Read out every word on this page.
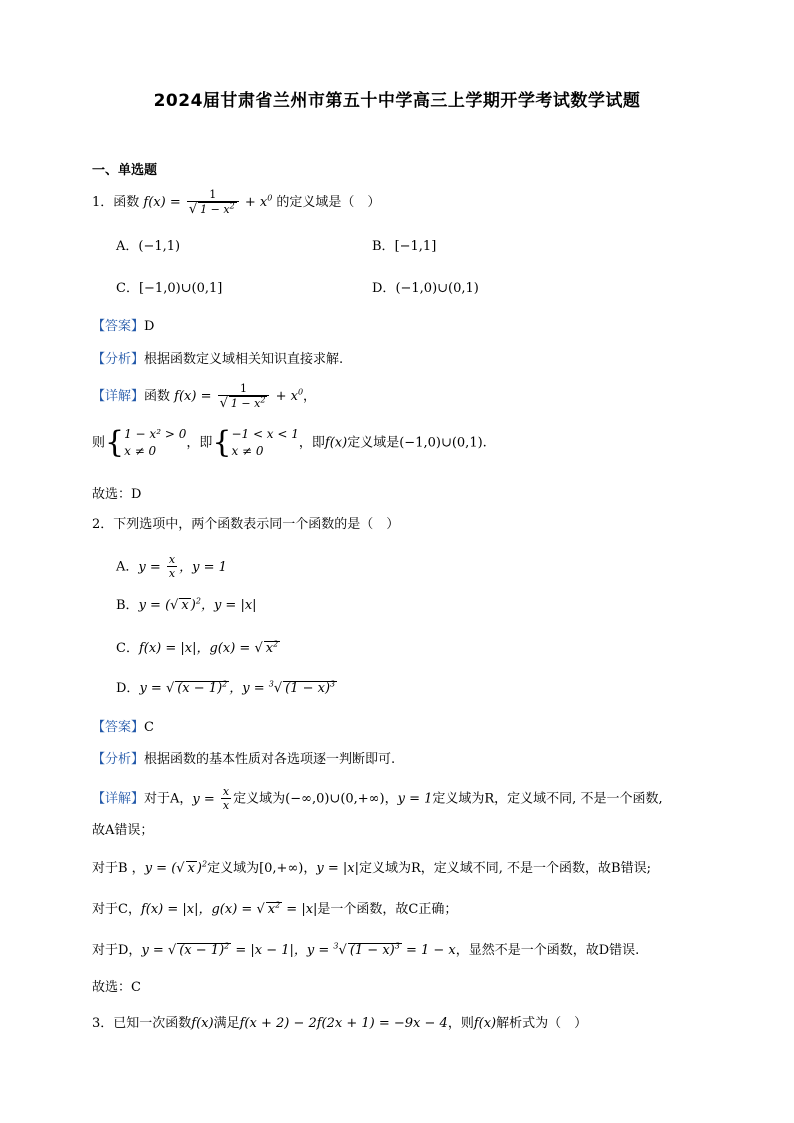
2024届甘肃省兰州市第五十中学高三上学期开学考试数学试题
一、单选题
1．函数 $f(x) = \frac{1}{√ 1 - x^2} + x^0$ 的定义域是（　）
A．(−1,1)	B．[−1,1]
C．[−1,0)∪(0,1]	D．(−1,0)∪(0,1)
【答案】D
【分析】根据函数定义域相关知识直接求解.
【详解】函数 $f(x) = \frac{1}{√ 1 - x^2} + x^0$，
则{1 − x² > 0
x ≠ 0，即{−1 < x < 1
x ≠ 0，即f(x)定义域是(−1,0)∪(0,1).
故选：D
2．下列选项中，两个函数表示同一个函数的是（　）
A．$y = \frac{x}{x}$ ，y = 1
B．y = (√ x )$^2$，y = |x|
C．f(x) = |x|，g(x) = √ $x^2$
D．y = √ $(x - 1)^2$ ，y = $^3$√ $(1 - x)^3$
【答案】C
【分析】根据函数的基本性质对各选项逐一判断即可.
【详解】对于A，$y = \frac{x}{x}$ 定义域为(−∞,0)∪(0,+∞)，y = 1定义域为R，定义域不同, 不是一个函数,
故A错误；
对于B ，y = (√ x )$^2$定义域为[0,+∞)，y = |x|定义域为R，定义域不同, 不是一个函数，故B错误;
对于C，f(x) = |x|，g(x) = √ $x^2 = |x|$是一个函数，故C正确；
对于D，y = √ $(x - 1)^2 = |x - 1|$，y = $^3$√ $(1 - x)^3 = 1 - x$，显然不是一个函数，故D错误.
故选：C
3．已知一次函数f(x)满足f(x + 2) − 2f(2x + 1) = −9x − 4，则f(x)解析式为（　）
